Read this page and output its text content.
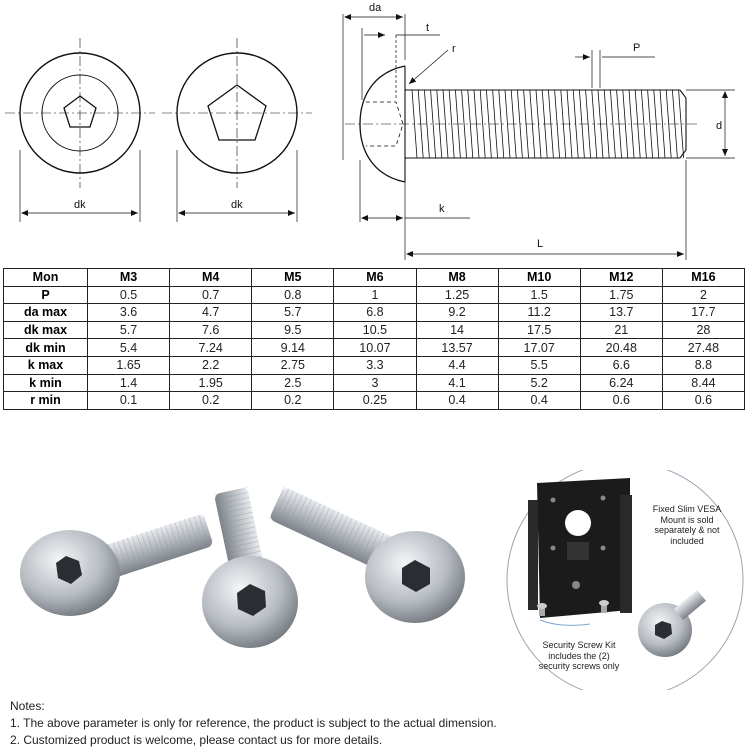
dk	dk
da
t
r	P
d
k
L
Mon	M3	M4	M5	M6	M8	M10	M12	M16
P	0.5	0.7	0.8	1	1.25	1.5	1.75	2
da max	3.6	4.7	5.7	6.8	9.2	11.2	13.7	17.7
dk max	5.7	7.6	9.5	10.5	14	17.5	21	28
dk min	5.4	7.24	9.14	10.07	13.57	17.07	20.48	27.48
k max	1.65	2.2	2.75	3.3	4.4	5.5	6.6	8.8
k min	1.4	1.95	2.5	3	4.1	5.2	6.24	8.44
r min	0.1	0.2	0.2	0.25	0.4	0.4	0.6	0.6
Fixed Slim VESA
Mount is sold
separately & not
included
Security Screw Kit
includes the (2)
security screws only
Notes:
1. The above parameter is only for reference, the product is subject to the actual dimension.
2. Customized product is welcome, please contact us for more details.
